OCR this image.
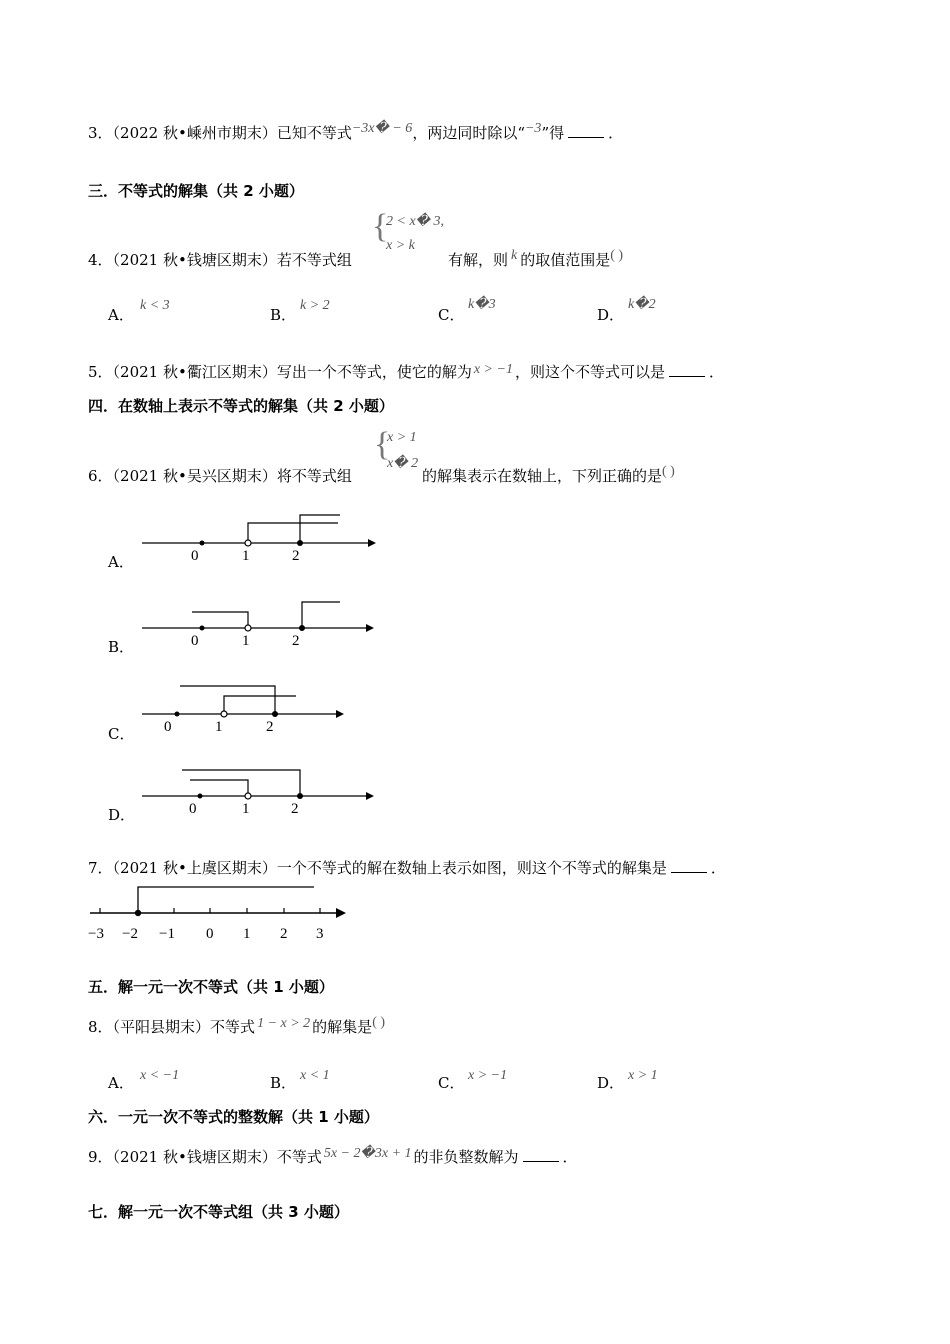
3．（2022 秋•嵊州市期末）已知不等式−3x� − 6，两边同时除以“−3”得	．
三．不等式的解集（共 2 小题）
{
2 < x� 3,
x > k
4．（2021 秋•钱塘区期末）若不等式组	有解，则 k 的取值范围是( )
A．
k < 3
B．
k > 2
C．
k�3
D．
k�2
5．（2021 秋•衢江区期末）写出一个不等式，使它的解为 x > −1 ，则这个不等式可以是	．
四．在数轴上表示不等式的解集（共 2 小题）
{
x > 1
x� 2
6．（2021 秋•吴兴区期末）将不等式组	的解集表示在数轴上，下列正确的是( )
A．	0	1	2
B．	0	1	2
C． 0	1	2
D．	0	1	2
7．（2021 秋•上虞区期末）一个不等式的解在数轴上表示如图，则这个不等式的解集是	．
−3 −2 −1 0 1 2 3
五．解一元一次不等式（共 1 小题）
8．（平阳县期末）不等式 1 − x > 2 的解集是( )
A． x < −1	B． x < 1	C． x > −1	D． x > 1
六．一元一次不等式的整数解（共 1 小题）
9．（2021 秋•钱塘区期末）不等式 5x − 2�3x + 1 的非负整数解为	．
七．解一元一次不等式组（共 3 小题）
